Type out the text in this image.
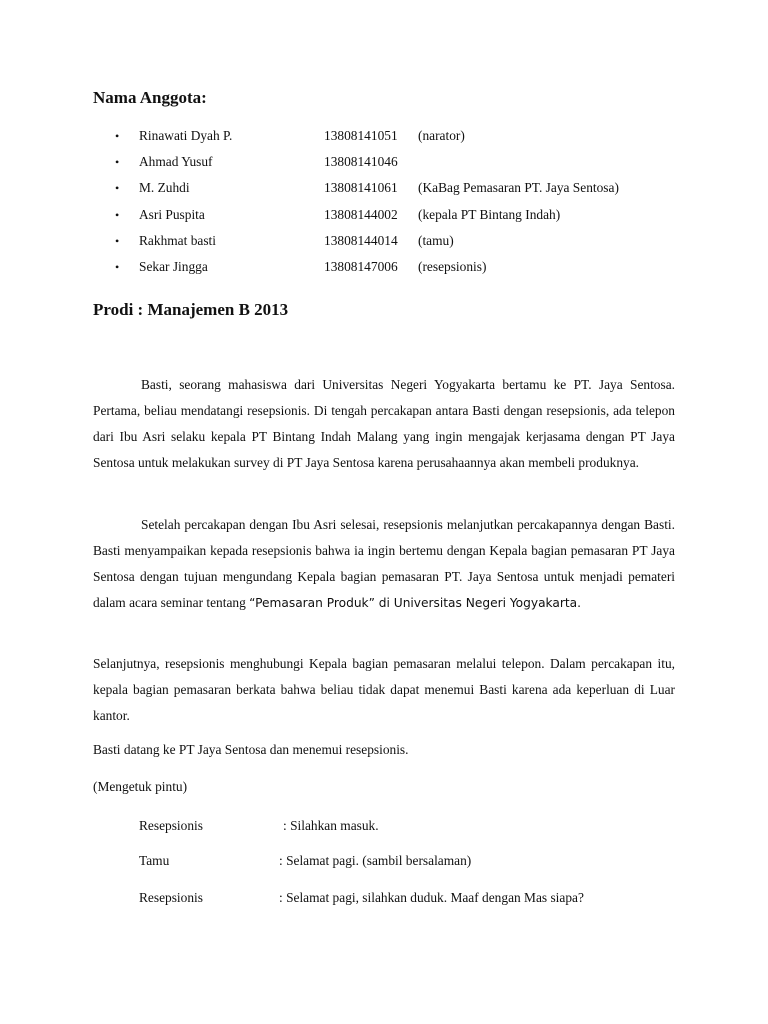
Nama Anggota:
• Rinawati Dyah P.	13808141051 (narator)
• Ahmad Yusuf	13808141046
• M. Zuhdi	13808141061 (KaBag Pemasaran PT. Jaya Sentosa)
• Asri Puspita	13808144002 (kepala PT Bintang Indah)
• Rakhmat basti	13808144014 (tamu)
• Sekar Jingga	13808147006 (resepsionis)
Prodi : Manajemen B 2013

Basti, seorang mahasiswa dari Universitas Negeri Yogyakarta bertamu ke PT. Jaya Sentosa. Pertama, beliau mendatangi resepsionis. Di tengah percakapan antara Basti dengan resepsionis, ada telepon dari Ibu Asri selaku kepala PT Bintang Indah Malang yang ingin mengajak kerjasama dengan PT Jaya Sentosa untuk melakukan survey di PT Jaya Sentosa karena perusahaannya akan membeli produknya.

Setelah percakapan dengan Ibu Asri selesai, resepsionis melanjutkan percakapannya dengan Basti. Basti menyampaikan kepada resepsionis bahwa ia ingin bertemu dengan Kepala bagian pemasaran PT Jaya Sentosa dengan tujuan mengundang Kepala bagian pemasaran PT. Jaya Sentosa untuk menjadi pemateri dalam acara seminar tentang “Pemasaran Produk” di Universitas Negeri Yogyakarta.

Selanjutnya, resepsionis menghubungi Kepala bagian pemasaran melalui telepon. Dalam percakapan itu, kepala bagian pemasaran berkata bahwa beliau tidak dapat menemui Basti karena ada keperluan di Luar kantor.

Basti datang ke PT Jaya Sentosa dan menemui resepsionis.

(Mengetuk pintu)

Resepsionis	: Silahkan masuk.
Tamu	: Selamat pagi. (sambil bersalaman)
Resepsionis	: Selamat pagi, silahkan duduk. Maaf dengan Mas siapa?
